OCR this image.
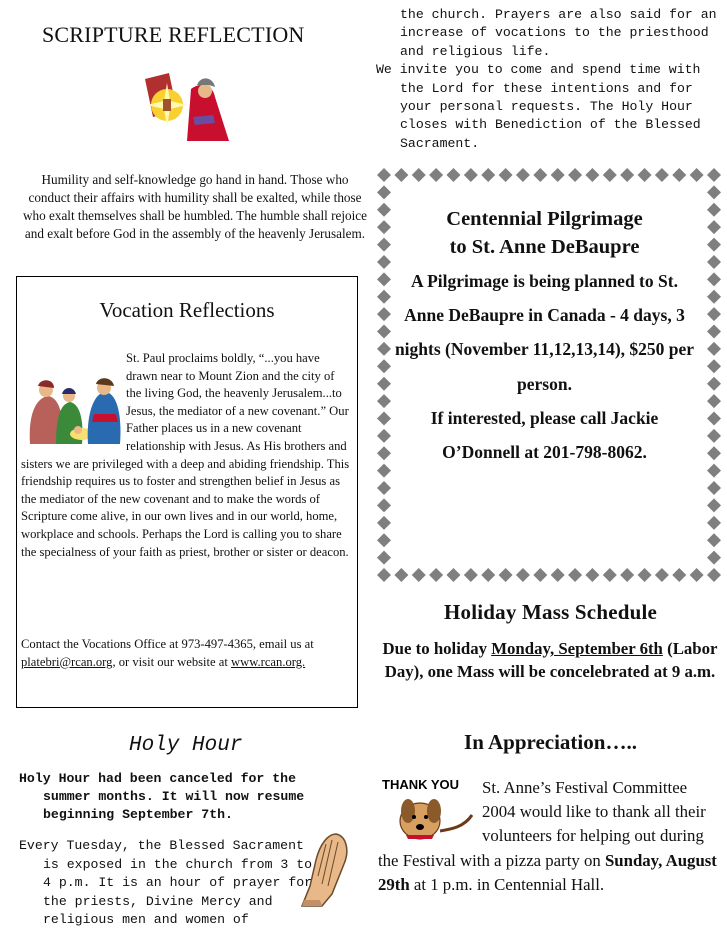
SCRIPTURE REFLECTION
Humility and self-knowledge go hand in hand. Those who conduct their affairs with humility shall be exalted, while those who exalt themselves shall be humbled. The humble shall rejoice and exalt before God in the assembly of the heavenly Jerusalem.
Vocation Reflections
St. Paul proclaims boldly, “...you have drawn near to Mount Zion and the city of the living God, the heavenly Jerusalem...to Jesus, the mediator of a new covenant.” Our Father places us in a new covenant relationship with Jesus. As His brothers and sisters we are privileged with a deep and abiding friendship. This friendship requires us to foster and strengthen belief in Jesus as the mediator of the new covenant and to make the words of Scripture come alive, in our own lives and in our world, home, workplace and schools. Perhaps the Lord is calling you to share the specialness of your faith as priest, brother or sister or deacon.
Contact the Vocations Office at 973-497-4365, email us at platebri@rcan.org, or visit our website at www.rcan.org.
Holy Hour
Holy Hour had been canceled for the
summer months. It will now resume beginning September 7th.
Every Tuesday, the Blessed Sacrament is exposed in the church from 3 to 4 p.m. It is an hour of prayer for the priests, Divine Mercy and religious men and women of
the church. Prayers are also said for an increase of vocations to the priesthood and religious life.
We invite you to come and spend time with the Lord for these intentions and for your personal requests. The Holy Hour closes with Benediction of the Blessed Sacrament.
Centennial Pilgrimage
to St. Anne DeBaupre
A Pilgrimage is being planned to St. Anne DeBaupre in Canada - 4 days, 3 nights (November 11,12,13,14), $250 per person.
If interested, please call Jackie O’Donnell at 201-798-8062.
Holiday Mass Schedule
Due to holiday Monday, September 6th (Labor Day), one Mass will be concelebrated at 9 a.m.
In Appreciation…..
THANK YOU	St. Anne’s Festival Committee 2004 would like to thank all their volunteers for helping out during the Festival with a pizza party on Sunday, August 29th at 1 p.m. in Centennial Hall.
